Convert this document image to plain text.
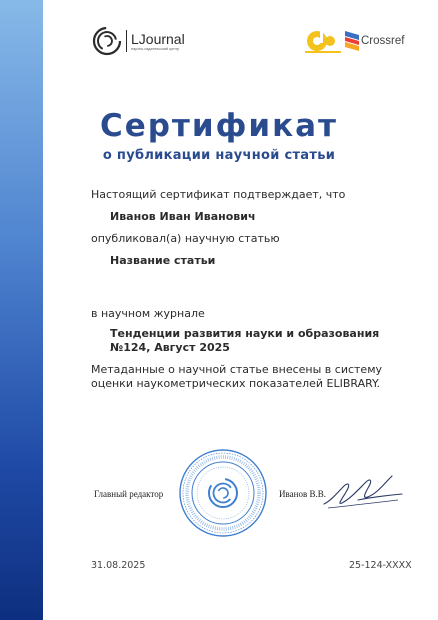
LJournal
научно-издательский центр
Crossref
Сертификат
о публикации научной статьи
Настоящий сертификат подтверждает, что
Иванов Иван Иванович
опубликовал(а) научную статью
Название статьи
в научном журнале
Тенденции развития науки и образования
№124, Август 2025
Метаданные о научной статье внесены в систему
оценки наукометрических показателей ELIBRARY.
Главный редактор	Иванов В.В.
31.08.2025	25-124-XXXX
